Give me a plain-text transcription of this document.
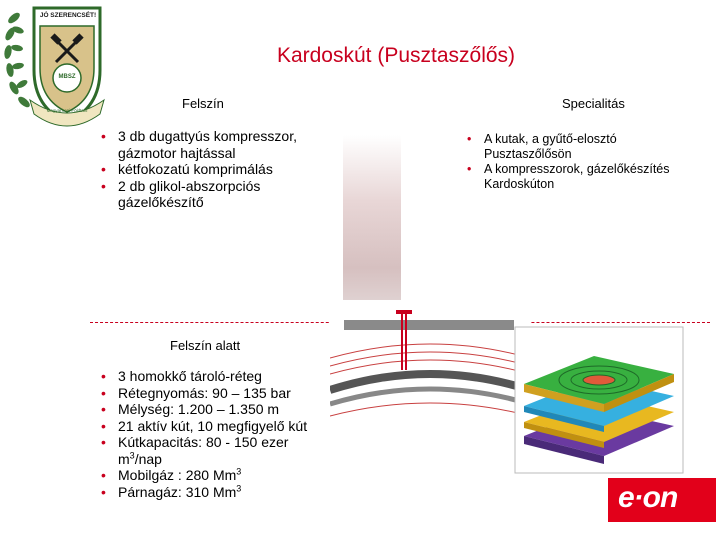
JÓ SZERENCSÉT!
MBSZ
Magyarhoni Földtani
Kardoskút (Pusztaszőlős)
Felszín	Specialitás
• 3 db dugattyús kompresszor, gázmotor hajtással
• kétfokozatú komprimálás
• 2 db glikol-abszorpciós gázelőkészítő
• A kutak, a gyűtő-elosztó Pusztaszőlősön
• A kompresszorok, gázelőkészítés Kardoskúton
Felszín alatt
• 3 homokkő tároló-réteg
• Rétegnyomás: 90 – 135 bar
• Mélység: 1.200 – 1.350 m
• 21 aktív kút, 10 megfigyelő kút
• Kútkapacitás: 80 - 150 ezer $m^3$/nap
• Mobilgáz : 280 Mm$^3$
• Párnagáz: 310 Mm$^3$	e·on
